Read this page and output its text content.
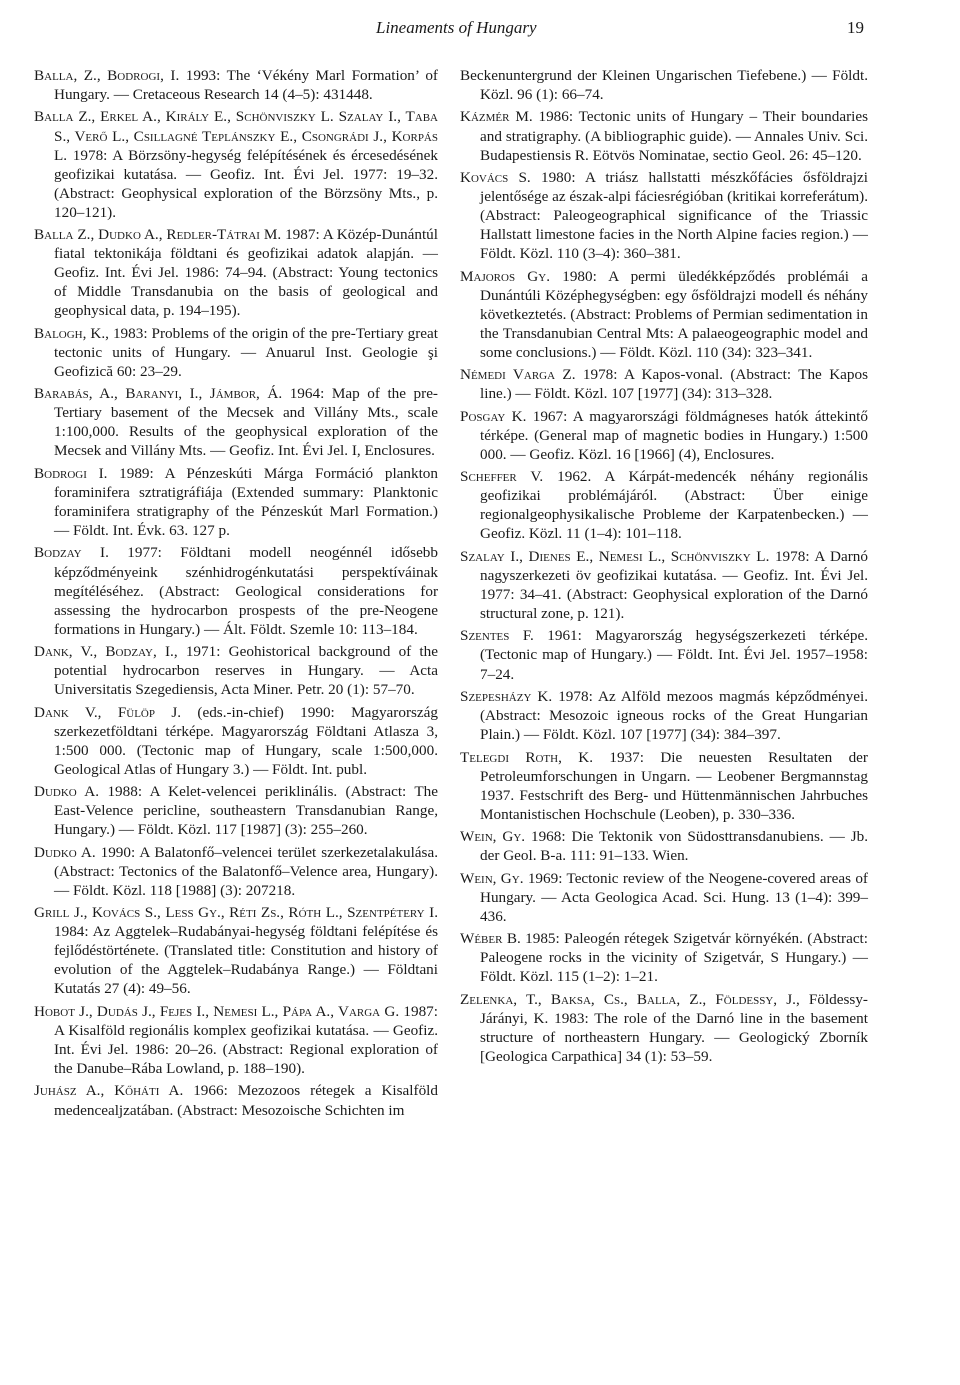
Lineaments of Hungary	19

Balla, Z., Bodrogi, I. 1993: The ‘Vékény Marl Formation’ of Hungary. — Cretaceous Research 14 (4–5): 431448.

Balla Z., Erkel A., Király E., Schönviszky L. Szalay I., Taba S., Verő L., Csillagné Teplánszky E., Csongrádi J., Korpás L. 1978: A Börzsöny-hegység felépítésének és ércesedésének geofizikai kutatása. — Geofiz. Int. Évi Jel. 1977: 19–32. (Abstract: Geophysical exploration of the Börzsöny Mts., p. 120–121).

Balla Z., Dudko A., Redler-Tátrai M. 1987: A Közép-Dunántúl fiatal tektonikája földtani és geofizikai adatok alapján. — Geofiz. Int. Évi Jel. 1986: 74–94. (Abstract: Young tectonics of Middle Transdanubia on the basis of geological and geophysical data, p. 194–195).

Balogh, K., 1983: Problems of the origin of the pre-Tertiary great tectonic units of Hungary. — Anuarul Inst. Geologie şi Geofizică 60: 23–29.

Barabás, A., Baranyi, I., Jámbor, Á. 1964: Map of the pre-Tertiary basement of the Mecsek and Villány Mts., scale 1:100,000. Results of the geophysical exploration of the Mecsek and Villány Mts. — Geofiz. Int. Évi Jel. I, Enclosures.

Bodrogi I. 1989: A Pénzeskúti Márga Formáció plankton foraminifera sztratigráfiája (Extended summary: Planktonic foraminifera stratigraphy of the Pénzeskút Marl Formation.) — Földt. Int. Évk. 63. 127 p.

Bodzay I. 1977: Földtani modell neogénnél idősebb képződményeink szénhidrogénkutatási perspektíváinak megítéléséhez. (Abstract: Geological considerations for assessing the hydrocarbon prospests of the pre-Neogene formations in Hungary.) — Ált. Földt. Szemle 10: 113–184.

Dank, V., Bodzay, I., 1971: Geohistorical background of the potential hydrocarbon reserves in Hungary. — Acta Universitatis Szegediensis, Acta Miner. Petr. 20 (1): 57–70.

Dank V., Fülöp J. (eds.-in-chief) 1990: Magyarország szerkezetföldtani térképe. Magyarország Földtani Atlasza 3, 1:500 000. (Tectonic map of Hungary, scale 1:500,000. Geological Atlas of Hungary 3.) — Földt. Int. publ.

Dudko A. 1988: A Kelet-velencei periklinális. (Abstract: The East-Velence pericline, southeastern Transdanubian Range, Hungary.) — Földt. Közl. 117 [1987] (3): 255–260.

Dudko A. 1990: A Balatonfő–velencei terület szerkezetalakulása. (Abstract: Tectonics of the Balatonfő–Velence area, Hungary). — Földt. Közl. 118 [1988] (3): 207218.

Grill J., Kovács S., Less Gy., Réti Zs., Róth L., Szentpétery I. 1984: Az Aggtelek–Rudabányai-hegység földtani felépítése és fejlődéstörténete. (Translated title: Constitution and history of evolution of the Aggtelek–Rudabánya Range.) — Földtani Kutatás 27 (4): 49–56.

Hobot J., Dudás J., Fejes I., Nemesi L., Pápa A., Varga G. 1987: A Kisalföld regionális komplex geofizikai kutatása. — Geofiz. Int. Évi Jel. 1986: 20–26. (Abstract: Regional exploration of the Danube–Rába Lowland, p. 188–190).

Juhász A., Kőháti A. 1966: Mezozoos rétegek a Kisalföld medencealjzatában. (Abstract: Mesozoische Schichten im

Beckenuntergrund der Kleinen Ungarischen Tiefebene.) — Földt. Közl. 96 (1): 66–74.

Kázmér M. 1986: Tectonic units of Hungary – Their boundaries and stratigraphy. (A bibliographic guide). — Annales Univ. Sci. Budapestiensis R. Eötvös Nominatae, sectio Geol. 26: 45–120.

Kovács S. 1980: A triász hallstatti mészkőfácies ősföldrajzi jelentősége az észak-alpi fáciesrégióban (kritikai korreferátum). (Abstract: Paleogeographical significance of the Triassic Hallstatt limestone facies in the North Alpine facies region.) — Földt. Közl. 110 (3–4): 360–381.

Majoros Gy. 1980: A permi üledékképződés problémái a Dunántúli Középhegységben: egy ősföldrajzi modell és néhány következtetés. (Abstract: Problems of Permian sedimentation in the Transdanubian Central Mts: A palaeogeographic model and some conclusions.) — Földt. Közl. 110 (34): 323–341.

Némedi Varga Z. 1978: A Kapos-vonal. (Abstract: The Kapos line.) — Földt. Közl. 107 [1977] (34): 313–328.

Posgay K. 1967: A magyarországi földmágneses hatók áttekintő térképe. (General map of magnetic bodies in Hungary.) 1:500 000. — Geofiz. Közl. 16 [1966] (4), Enclosures.

Scheffer V. 1962. A Kárpát-medencék néhány regionális geofizikai problémájáról. (Abstract: Über einige regionalgeophysikalische Probleme der Karpatenbecken.) — Geofiz. Közl. 11 (1–4): 101–118.

Szalay I., Dienes E., Nemesi L., Schönviszky L. 1978: A Darnó nagyszerkezeti öv geofizikai kutatása. — Geofiz. Int. Évi Jel. 1977: 34–41. (Abstract: Geophysical exploration of the Darnó structural zone, p. 121).

Szentes F. 1961: Magyarország hegységszerkezeti térképe. (Tectonic map of Hungary.) — Földt. Int. Évi Jel. 1957–1958: 7–24.

Szepesházy K. 1978: Az Alföld mezoos magmás képződményei. (Abstract: Mesozoic igneous rocks of the Great Hungarian Plain.) — Földt. Közl. 107 [1977] (34): 384–397.

Telegdi Roth, K. 1937: Die neuesten Resultaten der Petroleumforschungen in Ungarn. — Leobener Bergmannstag 1937. Festschrift des Berg- und Hüttenmännischen Jahrbuches Montanistischen Hochschule (Leoben), p. 330–336.

Wein, Gy. 1968: Die Tektonik von Südosttransdanubiens. — Jb. der Geol. B-a. 111: 91–133. Wien.

Wein, Gy. 1969: Tectonic review of the Neogene-covered areas of Hungary. — Acta Geologica Acad. Sci. Hung. 13 (1–4): 399–436.

Wéber B. 1985: Paleogén rétegek Szigetvár környékén. (Abstract: Paleogene rocks in the vicinity of Szigetvár, S Hungary.) — Földt. Közl. 115 (1–2): 1–21.

Zelenka, T., Baksa, Cs., Balla, Z., Földessy, J., Földessy-Járányi, K. 1983: The role of the Darnó line in the basement structure of northeastern Hungary. — Geologický Zborník [Geologica Carpathica] 34 (1): 53–59.
